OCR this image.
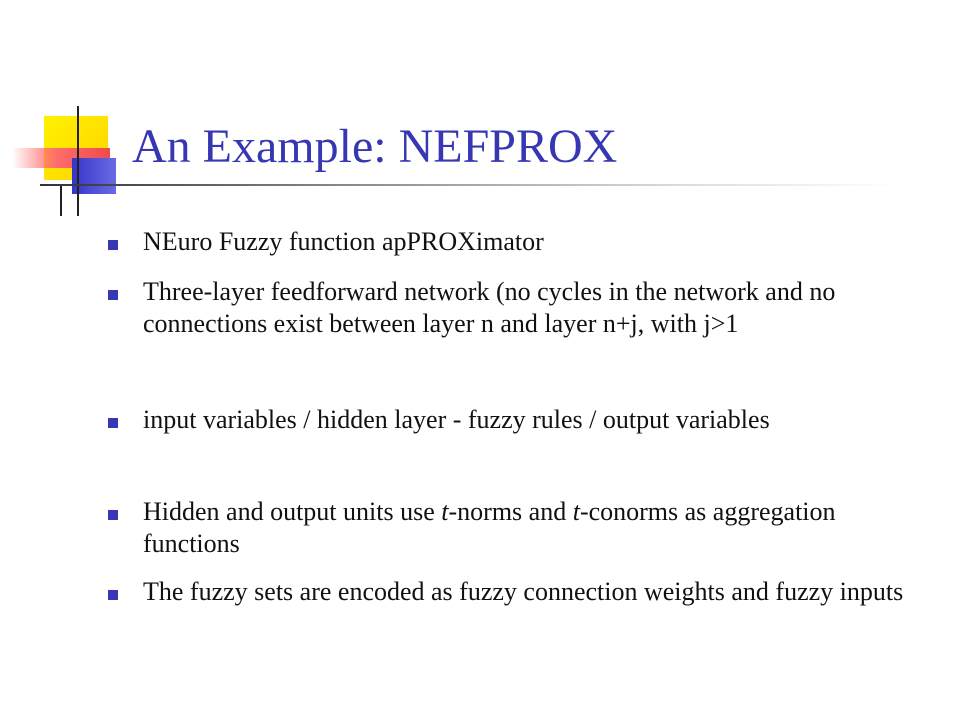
An Example: NEFPROX
NEuro Fuzzy function apPROXimator
Three-layer feedforward network (no cycles in the network and no connections exist between layer n and layer n+j, with j>1
input variables / hidden layer - fuzzy rules / output variables
Hidden and output units use t-norms and t-conorms as aggregation functions
The fuzzy sets are encoded as fuzzy connection weights and fuzzy inputs
